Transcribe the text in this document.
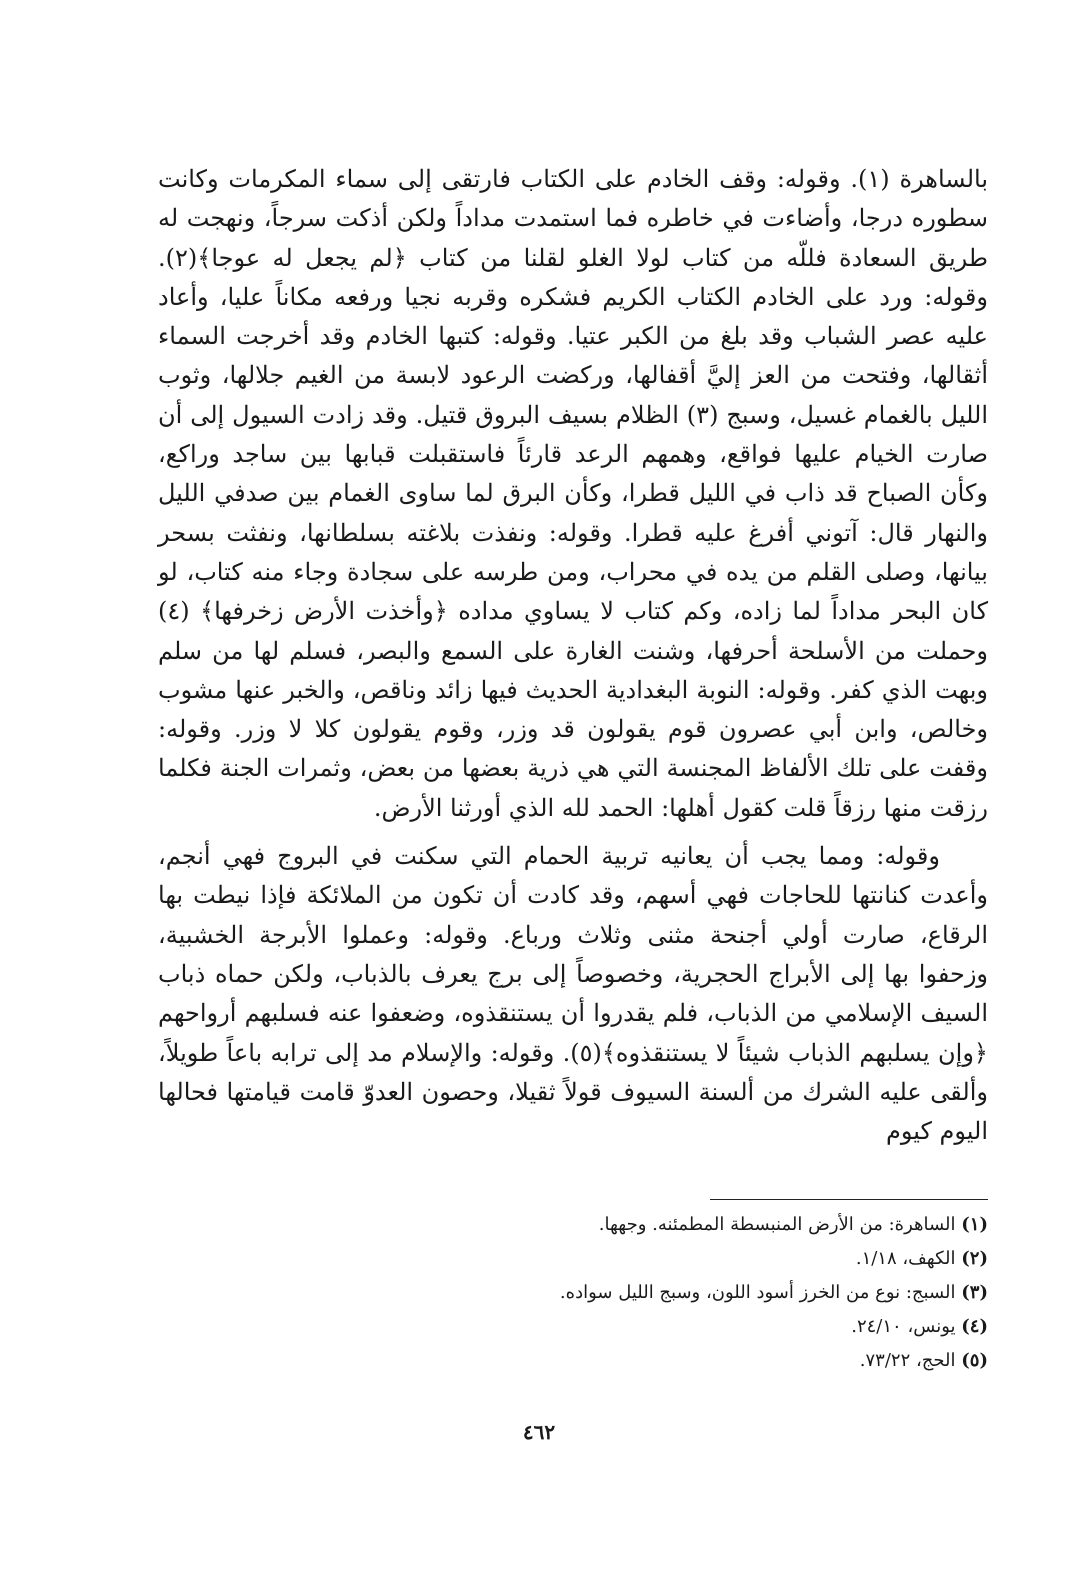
بالساهرة (١). وقوله: وقف الخادم على الكتاب فارتقى إلى سماء المكرمات وكانت سطوره درجا، وأضاءت في خاطره فما استمدت مداداً ولكن أذكت سرجاً، ونهجت له طريق السعادة فللّه من كتاب لولا الغلو لقلنا من كتاب ﴿لم يجعل له عوجا﴾(٢). وقوله: ورد على الخادم الكتاب الكريم فشكره وقربه نجيا ورفعه مكاناً عليا، وأعاد عليه عصر الشباب وقد بلغ من الكبر عتيا. وقوله: كتبها الخادم وقد أخرجت السماء أثقالها، وفتحت من العز إليَّ أقفالها، وركضت الرعود لابسة من الغيم جلالها، وثوب الليل بالغمام غسيل، وسبج (٣) الظلام بسيف البروق قتيل. وقد زادت السيول إلى أن صارت الخيام عليها فواقع، وهمهم الرعد قارئاً فاستقبلت قبابها بين ساجد وراكع، وكأن الصباح قد ذاب في الليل قطرا، وكأن البرق لما ساوى الغمام بين صدفي الليل والنهار قال: آتوني أفرغ عليه قطرا. وقوله: ونفذت بلاغته بسلطانها، ونفثت بسحر بيانها، وصلى القلم من يده في محراب، ومن طرسه على سجادة وجاء منه كتاب، لو كان البحر مداداً لما زاده، وكم كتاب لا يساوي مداده ﴿وأخذت الأرض زخرفها﴾ (٤) وحملت من الأسلحة أحرفها، وشنت الغارة على السمع والبصر، فسلم لها من سلم وبهت الذي كفر. وقوله: النوبة البغدادية الحديث فيها زائد وناقص، والخبر عنها مشوب وخالص، وابن أبي عصرون قوم يقولون قد وزر، وقوم يقولون كلا لا وزر. وقوله: وقفت على تلك الألفاظ المجنسة التي هي ذرية بعضها من بعض، وثمرات الجنة فكلما رزقت منها رزقاً قلت كقول أهلها: الحمد لله الذي أورثنا الأرض.

وقوله: ومما يجب أن يعانيه تربية الحمام التي سكنت في البروج فهي أنجم، وأعدت كنانتها للحاجات فهي أسهم، وقد كادت أن تكون من الملائكة فإذا نيطت بها الرقاع، صارت أولي أجنحة مثنى وثلاث ورباع. وقوله: وعملوا الأبرجة الخشبية، وزحفوا بها إلى الأبراج الحجرية، وخصوصاً إلى برج يعرف بالذباب، ولكن حماه ذباب السيف الإسلامي من الذباب، فلم يقدروا أن يستنقذوه، وضعفوا عنه فسلبهم أرواحهم ﴿وإن يسلبهم الذباب شيئاً لا يستنقذوه﴾(٥). وقوله: والإسلام مد إلى ترابه باعاً طويلاً، وألقى عليه الشرك من ألسنة السيوف قولاً ثقيلا، وحصون العدوّ قامت قيامتها فحالها اليوم كيوم

(١) الساهرة: من الأرض المنبسطة المطمئنه. وجهها.
(٢) الكهف، ١/١٨.
(٣) السبج: نوع من الخرز أسود اللون، وسبج الليل سواده.
(٤) يونس، ٢٤/١٠.
(٥) الحج، ٧٣/٢٢.
٤٦٢
